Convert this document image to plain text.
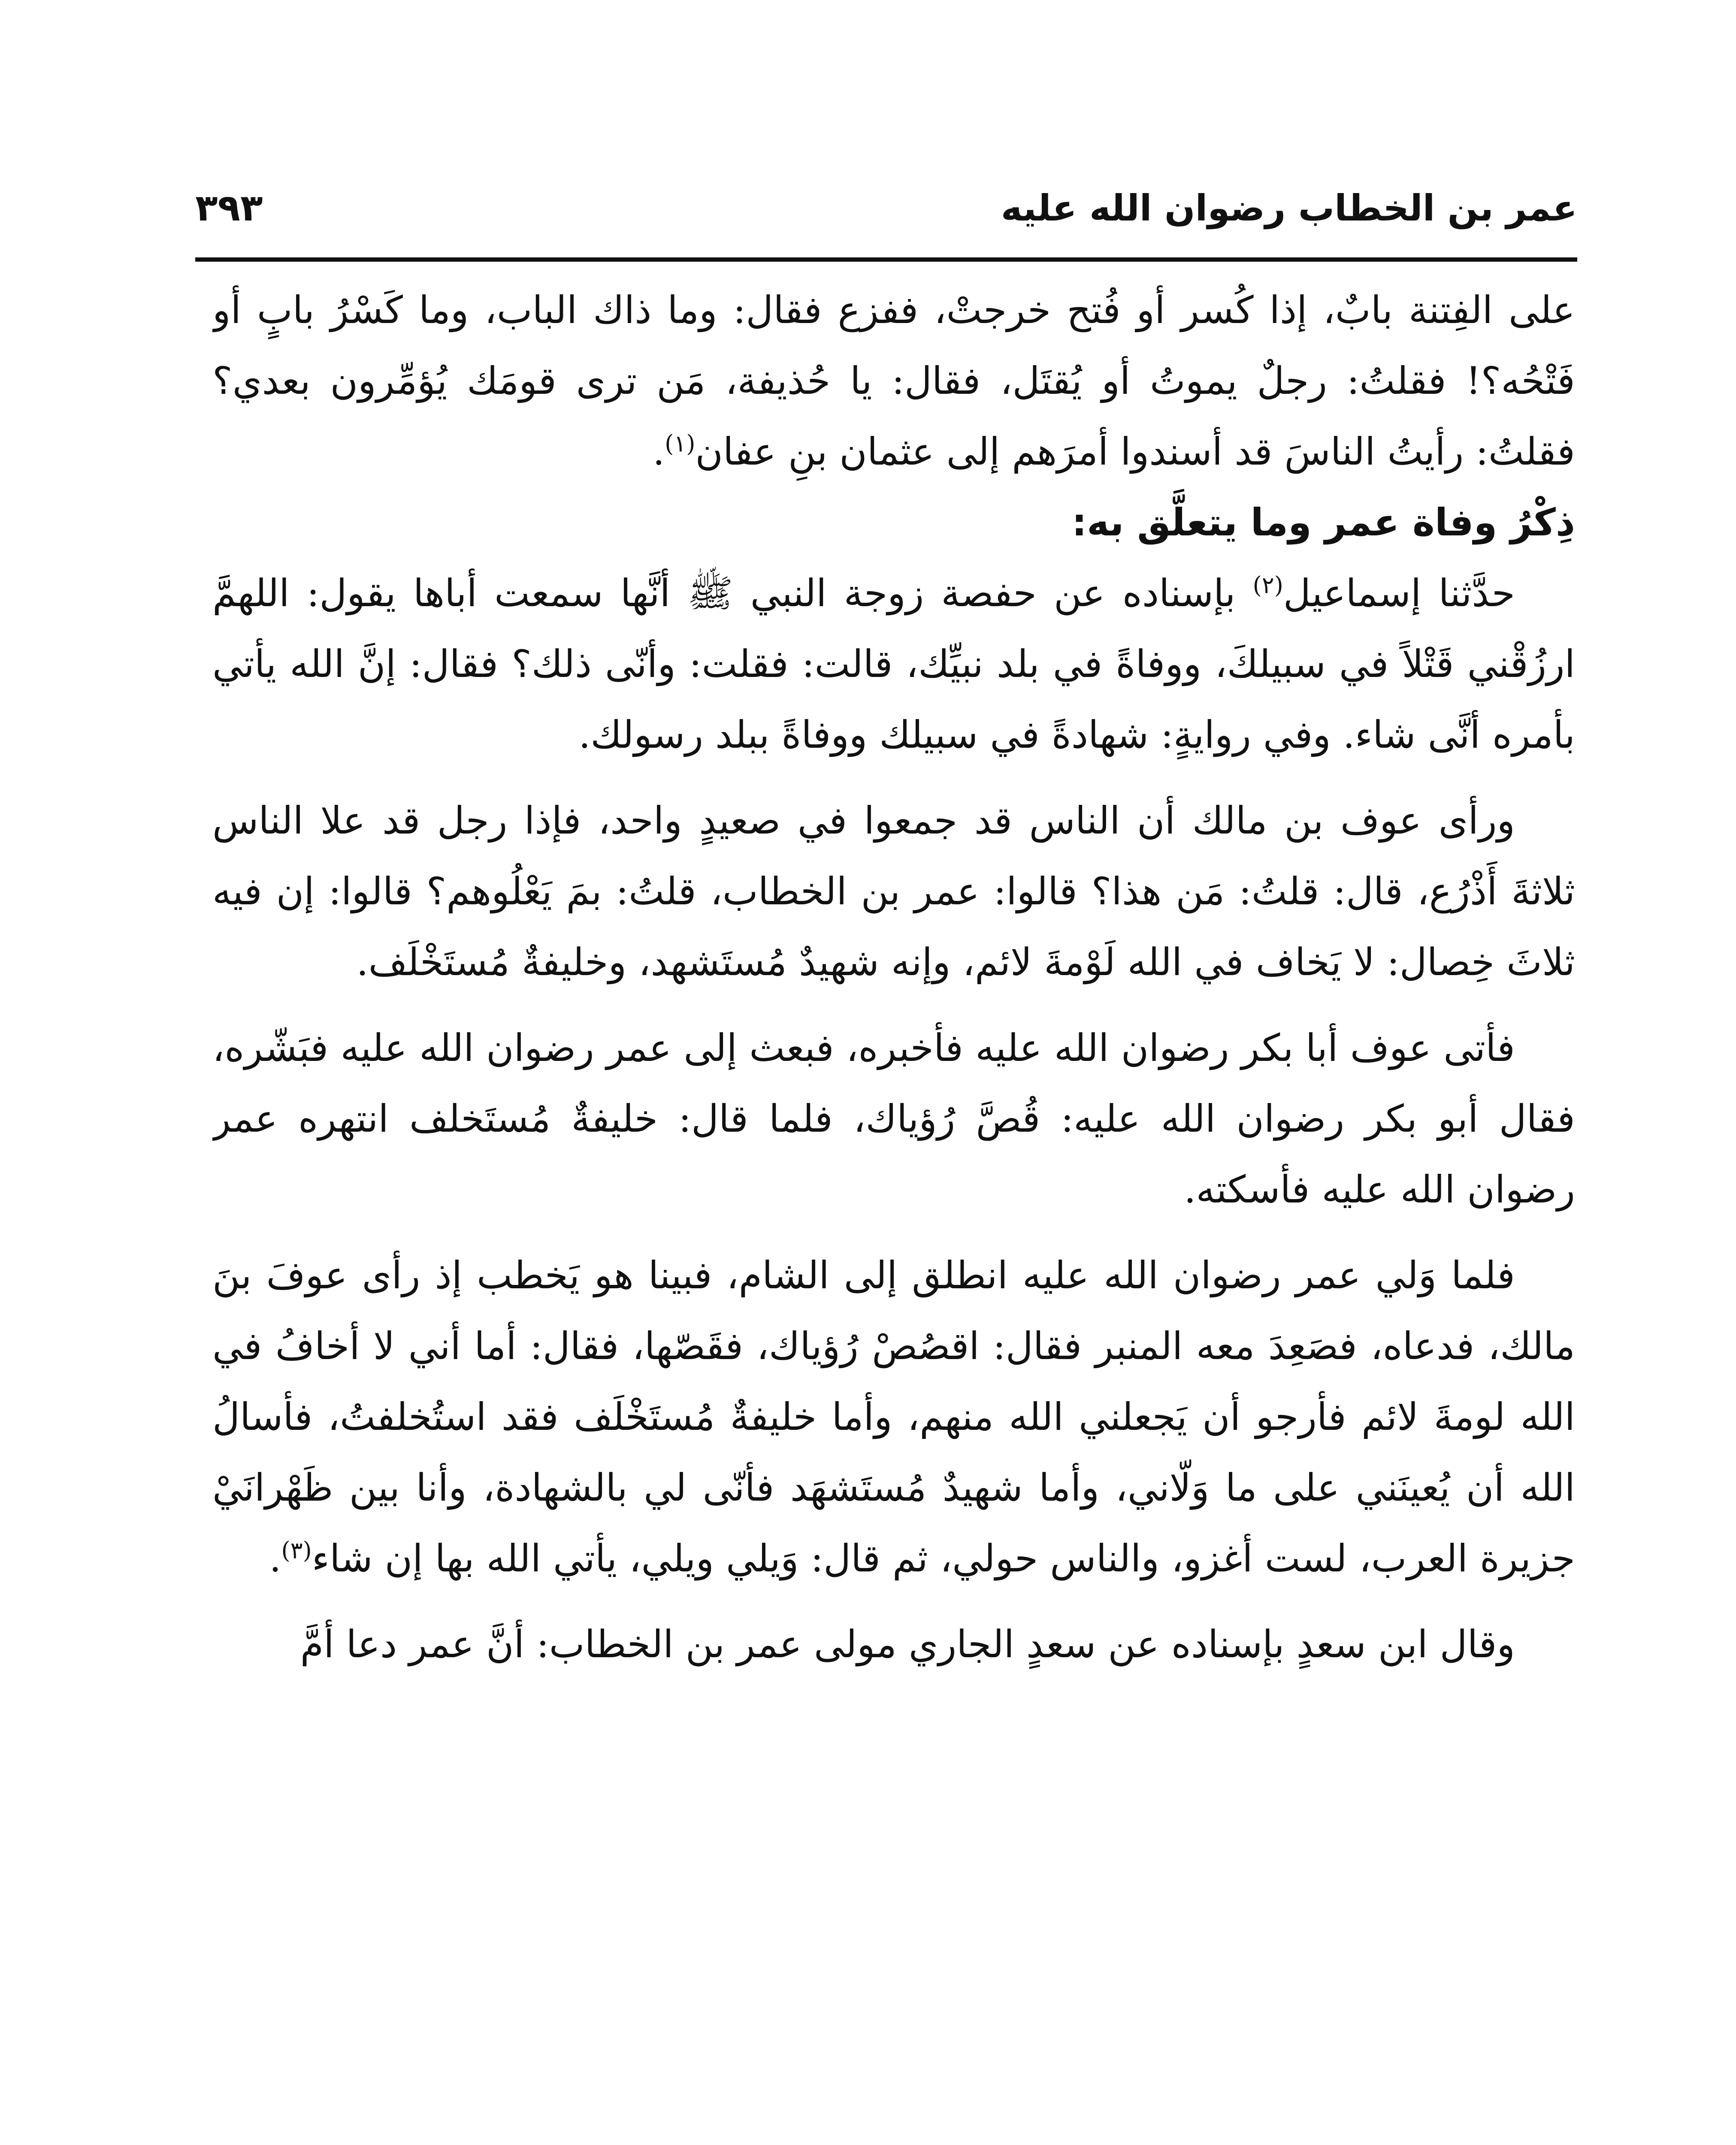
عمر بن الخطاب رضوان الله عليه
٣٩٣

على الفِتنة بابٌ، إذا كُسر أو فُتح خرجتْ، ففزع فقال: وما ذاك الباب، وما كَسْرُ بابٍ أو فَتْحُه؟! فقلتُ: رجلٌ يموتُ أو يُقتَل، فقال: يا حُذيفة، مَن ترى قومَك يُؤمِّرون بعدي؟ فقلتُ: رأيتُ الناسَ قد أسندوا أمرَهم إلى عثمان بنِ عفان$^{(١)}$.

ذِكْرُ وفاة عمر وما يتعلَّق به:

حدَّثنا إسماعيل$^{(٢)}$ بإسناده عن حفصة زوجة النبي ﷺ أنَّها سمعت أباها يقول: اللهمَّ ارزُقْني قَتْلاً في سبيلكَ، ووفاةً في بلد نبيِّك، قالت: فقلت: وأنّى ذلك؟ فقال: إنَّ الله يأتي بأمره أنَّى شاء. وفي روايةٍ: شهادةً في سبيلك ووفاةً ببلد رسولك.

ورأى عوف بن مالك أن الناس قد جمعوا في صعيدٍ واحد، فإذا رجل قد علا الناس ثلاثةَ أَذْرُع، قال: قلتُ: مَن هذا؟ قالوا: عمر بن الخطاب، قلتُ: بمَ يَعْلُوهم؟ قالوا: إن فيه ثلاثَ خِصال: لا يَخاف في الله لَوْمةَ لائم، وإنه شهيدٌ مُستَشهد، وخليفةٌ مُستَخْلَف.

فأتى عوف أبا بكر رضوان الله عليه فأخبره، فبعث إلى عمر رضوان الله عليه فبَشّره، فقال أبو بكر رضوان الله عليه: قُصَّ رُؤياك، فلما قال: خليفةٌ مُستَخلف انتهره عمر رضوان الله عليه فأسكته.

فلما وَلي عمر رضوان الله عليه انطلق إلى الشام، فبينا هو يَخطب إذ رأى عوفَ بنَ مالك، فدعاه، فصَعِدَ معه المنبر فقال: اقصُصْ رُؤياك، فقَصّها، فقال: أما أني لا أخافُ في الله لومةَ لائم فأرجو أن يَجعلني الله منهم، وأما خليفةٌ مُستَخْلَف فقد استُخلفتُ، فأسالُ الله أن يُعينَني على ما وَلّاني، وأما شهيدٌ مُستَشهَد فأنّى لي بالشهادة، وأنا بين ظَهْرانَيْ جزيرة العرب، لست أغزو، والناس حولي، ثم قال: وَيلي ويلي، يأتي الله بها إن شاء$^{(٣)}$.

وقال ابن سعدٍ بإسناده عن سعدٍ الجاري مولى عمر بن الخطاب: أنَّ عمر دعا أمَّ
